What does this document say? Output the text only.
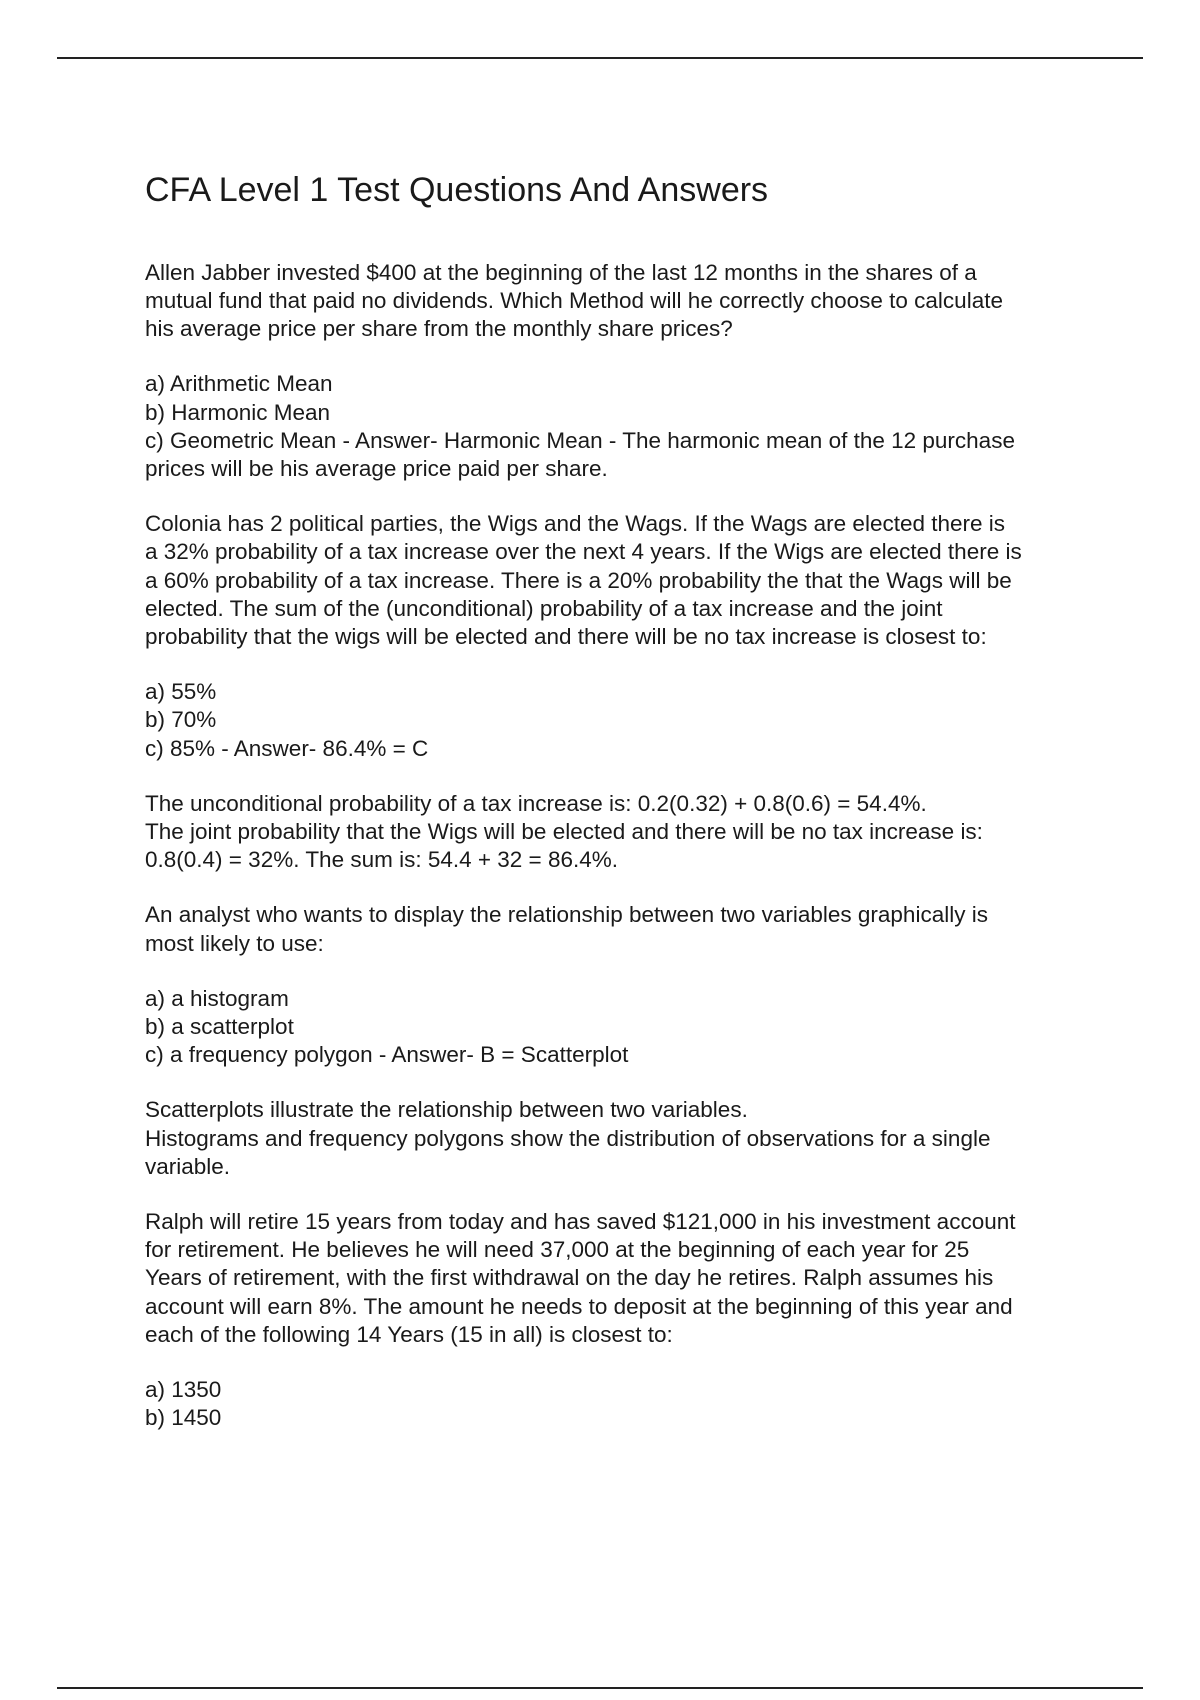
CFA Level 1 Test Questions And Answers
Allen Jabber invested $400 at the beginning of the last 12 months in the shares of a
mutual fund that paid no dividends. Which Method will he correctly choose to calculate
his average price per share from the monthly share prices?
a) Arithmetic Mean
b) Harmonic Mean
c) Geometric Mean - Answer- Harmonic Mean - The harmonic mean of the 12 purchase
prices will be his average price paid per share.
Colonia has 2 political parties, the Wigs and the Wags. If the Wags are elected there is
a 32% probability of a tax increase over the next 4 years. If the Wigs are elected there is
a 60% probability of a tax increase. There is a 20% probability the that the Wags will be
elected. The sum of the (unconditional) probability of a tax increase and the joint
probability that the wigs will be elected and there will be no tax increase is closest to:
a) 55%
b) 70%
c) 85% - Answer- 86.4% = C
The unconditional probability of a tax increase is: 0.2(0.32) + 0.8(0.6) = 54.4%.
The joint probability that the Wigs will be elected and there will be no tax increase is:
0.8(0.4) = 32%. The sum is: 54.4 + 32 = 86.4%.
An analyst who wants to display the relationship between two variables graphically is
most likely to use:
a) a histogram
b) a scatterplot
c) a frequency polygon - Answer- B = Scatterplot
Scatterplots illustrate the relationship between two variables.
Histograms and frequency polygons show the distribution of observations for a single
variable.
Ralph will retire 15 years from today and has saved $121,000 in his investment account
for retirement. He believes he will need 37,000 at the beginning of each year for 25
Years of retirement, with the first withdrawal on the day he retires. Ralph assumes his
account will earn 8%. The amount he needs to deposit at the beginning of this year and
each of the following 14 Years (15 in all) is closest to:
a) 1350
b) 1450
